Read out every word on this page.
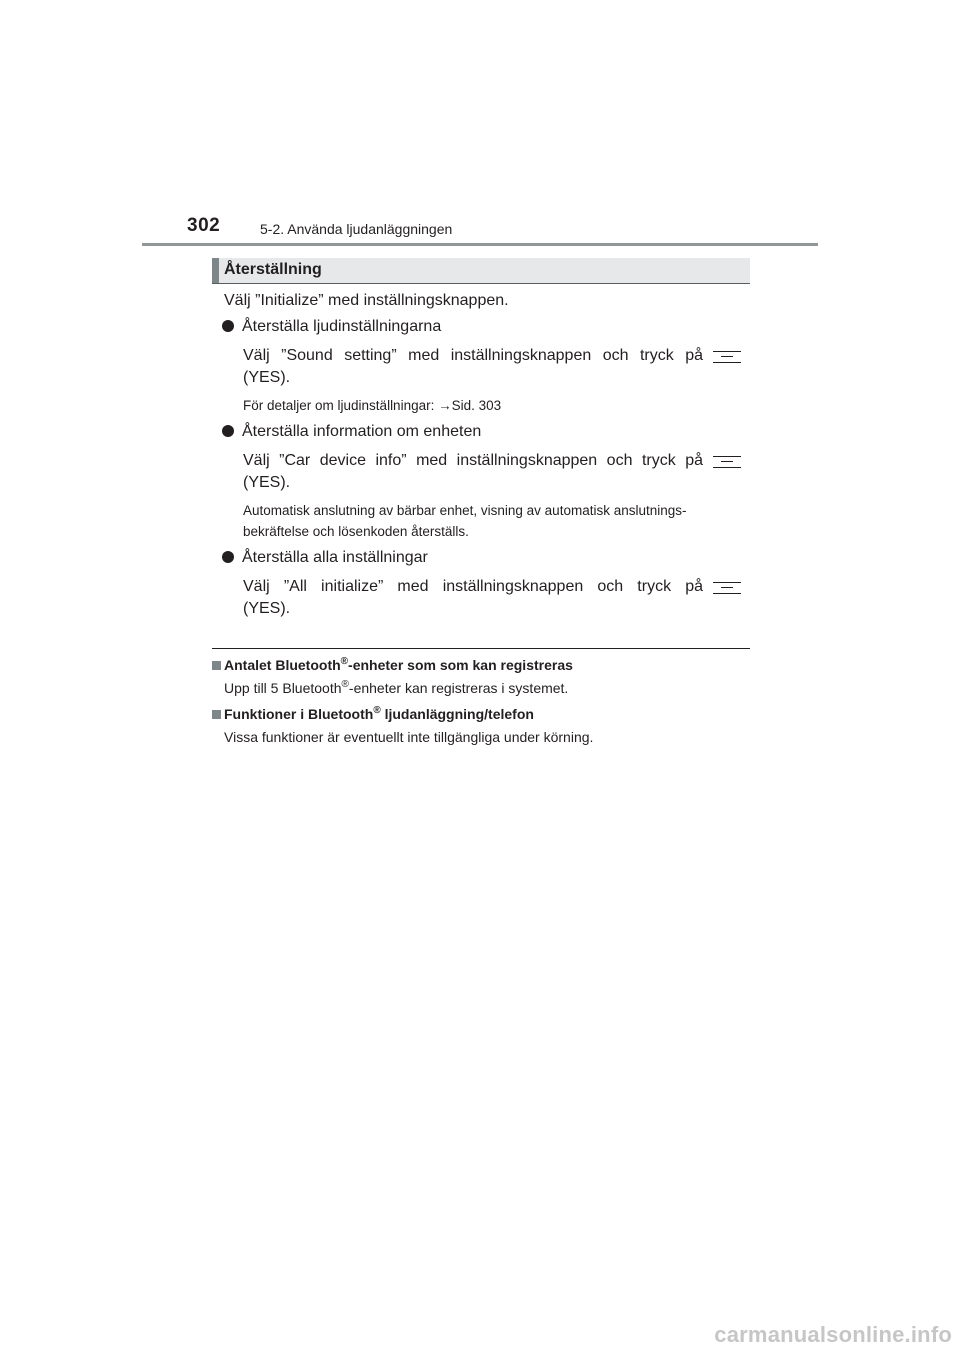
302	5-2. Använda ljudanläggningen
Återställning
Välj ”Initialize” med inställningsknappen.
Återställa ljudinställningarna
Välj ”Sound setting” med inställningsknappen och tryck på
(YES).
För detaljer om ljudinställningar: →Sid. 303
Återställa information om enheten
Välj ”Car device info” med inställningsknappen och tryck på
(YES).
Automatisk anslutning av bärbar enhet, visning av automatisk anslutnings-
bekräftelse och lösenkoden återställs.
Återställa alla inställningar
Välj ”All initialize” med inställningsknappen och tryck på
(YES).
Antalet Bluetooth®-enheter som som kan registreras
Upp till 5 Bluetooth®-enheter kan registreras i systemet.
Funktioner i Bluetooth® ljudanläggning/telefon
Vissa funktioner är eventuellt inte tillgängliga under körning.
carmanualsonline.info
